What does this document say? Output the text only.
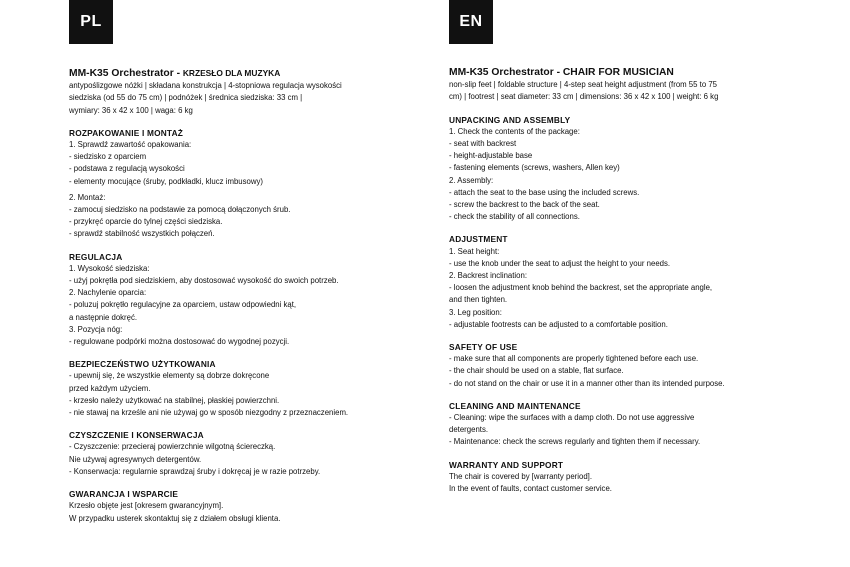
PL

MM-K35 Orchestrator - KRZESŁO DLA MUZYKA

antypoślizgowe nóżki | składana konstrukcja | 4-stopniowa regulacja wysokości

siedziska (od 55 do 75 cm) | podnóżek | średnica siedziska: 33 cm |

wymiary: 36 x 42 x 100 | waga: 6 kg

ROZPAKOWANIE I MONTAŻ

1. Sprawdź zawartość opakowania:

- siedzisko z oparciem

- podstawa z regulacją wysokości

- elementy mocujące (śruby, podkładki, klucz imbusowy)

2. Montaż:

- zamocuj siedzisko na podstawie za pomocą dołączonych śrub.

- przykręć oparcie do tylnej części siedziska.

- sprawdź stabilność wszystkich połączeń.

REGULACJA

1. Wysokość siedziska:

- użyj pokrętła pod siedziskiem, aby dostosować wysokość do swoich potrzeb.

2. Nachylenie oparcia:

- poluzuj pokrętło regulacyjne za oparciem, ustaw odpowiedni kąt,

a następnie dokręć.

3. Pozycja nóg:

- regulowane podpórki można dostosować do wygodnej pozycji.

BEZPIECZEŃSTWO UŻYTKOWANIA

- upewnij się, że wszystkie elementy są dobrze dokręcone

przed każdym użyciem.

- krzesło należy użytkować na stabilnej, płaskiej powierzchni.

- nie stawaj na krześle ani nie używaj go w sposób niezgodny z przeznaczeniem.

CZYSZCZENIE I KONSERWACJA

- Czyszczenie: przecieraj powierzchnie wilgotną ściereczką.

Nie używaj agresywnych detergentów.

- Konserwacja: regularnie sprawdzaj śruby i dokręcaj je w razie potrzeby.

GWARANCJA I WSPARCIE

Krzesło objęte jest [okresem gwarancyjnym].

W przypadku usterek skontaktuj się z działem obsługi klienta.

EN

MM-K35 Orchestrator - CHAIR FOR MUSICIAN

non-slip feet | foldable structure | 4-step seat height adjustment (from 55 to 75

cm) | footrest | seat diameter: 33 cm | dimensions: 36 x 42 x 100 | weight: 6 kg

UNPACKING AND ASSEMBLY

1. Check the contents of the package:

- seat with backrest

- height-adjustable base

- fastening elements (screws, washers, Allen key)

2. Assembly:

- attach the seat to the base using the included screws.

- screw the backrest to the back of the seat.

- check the stability of all connections.

ADJUSTMENT

1. Seat height:

- use the knob under the seat to adjust the height to your needs.

2. Backrest inclination:

- loosen the adjustment knob behind the backrest, set the appropriate angle,

and then tighten.

3. Leg position:

- adjustable footrests can be adjusted to a comfortable position.

SAFETY OF USE

- make sure that all components are properly tightened before each use.

- the chair should be used on a stable, flat surface.

- do not stand on the chair or use it in a manner other than its intended purpose.

CLEANING AND MAINTENANCE

- Cleaning: wipe the surfaces with a damp cloth. Do not use aggressive

detergents.

- Maintenance: check the screws regularly and tighten them if necessary.

WARRANTY AND SUPPORT

The chair is covered by [warranty period].

In the event of faults, contact customer service.
